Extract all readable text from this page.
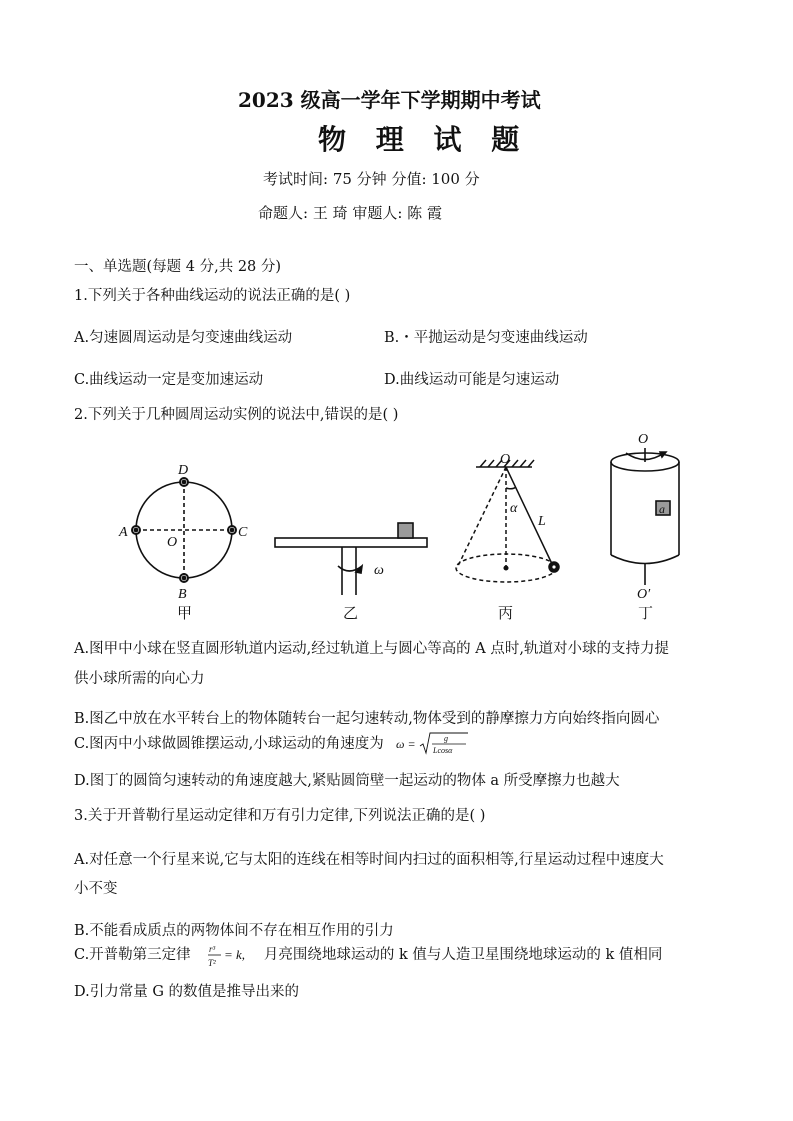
2023 级高一学年下学期期中考试
物 理 试 题
考试时间: 75 分钟 分值: 100 分
命题人: 王 琦 审题人: 陈 霞
一、单选题(每题 4 分,共 28 分)
1.下列关于各种曲线运动的说法正确的是( )
A.匀速圆周运动是匀变速曲线运动	B.・平抛运动是匀变速曲线运动
C.曲线运动一定是变加速运动	D.曲线运动可能是匀速运动
2.下列关于几种圆周运动实例的说法中,错误的是( )
D
A	C
O
B
甲
ω
乙
O
α
L
丙
O
a
O′
丁
A.图甲中小球在竖直圆形轨道内运动,经过轨道上与圆心等高的 A 点时,轨道对小球的支持力提
供小球所需的向心力
B.图乙中放在水平转台上的物体随转台一起匀速转动,物体受到的静摩擦力方向始终指向圆心
C.图丙中小球做圆锥摆运动,小球运动的角速度为 ω =	g
Lcosα
D.图丁的圆筒匀速转动的角速度越大,紧贴圆筒壁一起运动的物体 a 所受摩擦力也越大
3.关于开普勒行星运动定律和万有引力定律,下列说法正确的是( )
A.对任意一个行星来说,它与太阳的连线在相等时间内扫过的面积相等,行星运动过程中速度大
小不变
B.不能看成质点的两物体间不存在相互作用的引力
C.开普勒第三定律 r³
T²
= k, 月亮围绕地球运动的 k 值与人造卫星围绕地球运动的 k 值相同
D.引力常量 G 的数值是推导出来的
